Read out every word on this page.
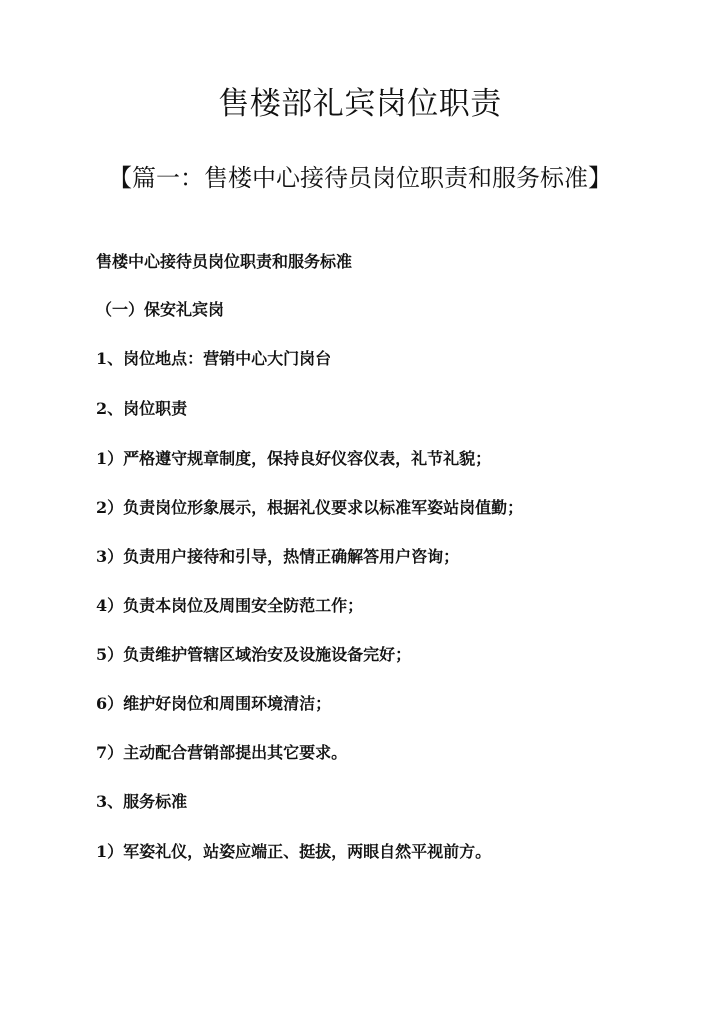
售楼部礼宾岗位职责
【篇一：售楼中心接待员岗位职责和服务标准】
售楼中心接待员岗位职责和服务标准
（一）保安礼宾岗
1、岗位地点：营销中心大门岗台
2、岗位职责
1）严格遵守规章制度，保持良好仪容仪表，礼节礼貌；
2）负责岗位形象展示，根据礼仪要求以标准军姿站岗值勤；
3）负责用户接待和引导，热情正确解答用户咨询；
4）负责本岗位及周围安全防范工作；
5）负责维护管辖区域治安及设施设备完好；
6）维护好岗位和周围环境清洁；
7）主动配合营销部提出其它要求。
3、服务标准
1）军姿礼仪，站姿应端正、挺拔，两眼自然平视前方。
